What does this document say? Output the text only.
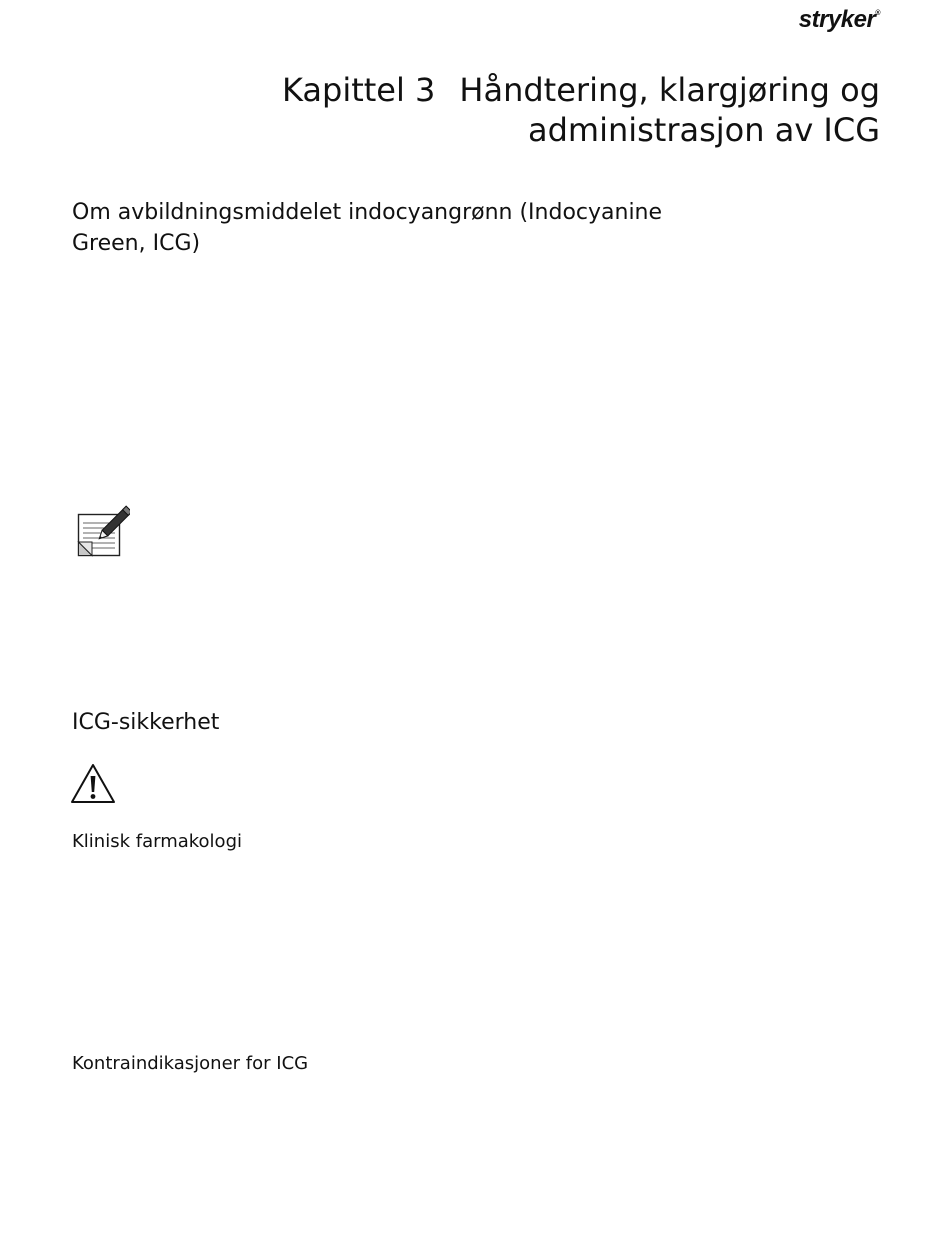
stryker®
Kapittel 3 Håndtering, klargjøring og
administrasjon av ICG
Om avbildningsmiddelet indocyangrønn (Indocyanine
Green, ICG)
ICG-sikkerhet
Klinisk farmakologi
Kontraindikasjoner for ICG
